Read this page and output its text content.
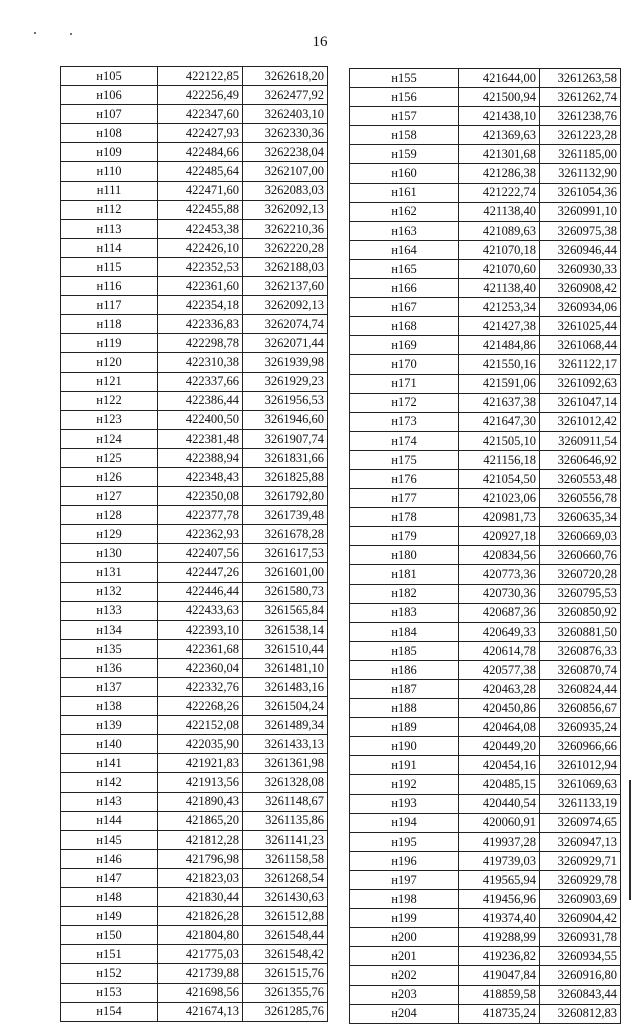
16
н105	422122,85	3262618,20
н106	422256,49	3262477,92
н107	422347,60	3262403,10
н108	422427,93	3262330,36
н109	422484,66	3262238,04
н110	422485,64	3262107,00
н111	422471,60	3262083,03
н112	422455,88	3262092,13
н113	422453,38	3262210,36
н114	422426,10	3262220,28
н115	422352,53	3262188,03
н116	422361,60	3262137,60
н117	422354,18	3262092,13
н118	422336,83	3262074,74
н119	422298,78	3262071,44
н120	422310,38	3261939,98
н121	422337,66	3261929,23
н122	422386,44	3261956,53
н123	422400,50	3261946,60
н124	422381,48	3261907,74
н125	422388,94	3261831,66
н126	422348,43	3261825,88
н127	422350,08	3261792,80
н128	422377,78	3261739,48
н129	422362,93	3261678,28
н130	422407,56	3261617,53
н131	422447,26	3261601,00
н132	422446,44	3261580,73
н133	422433,63	3261565,84
н134	422393,10	3261538,14
н135	422361,68	3261510,44
н136	422360,04	3261481,10
н137	422332,76	3261483,16
н138	422268,26	3261504,24
н139	422152,08	3261489,34
н140	422035,90	3261433,13
н141	421921,83	3261361,98
н142	421913,56	3261328,08
н143	421890,43	3261148,67
н144	421865,20	3261135,86
н145	421812,28	3261141,23
н146	421796,98	3261158,58
н147	421823,03	3261268,54
н148	421830,44	3261430,63
н149	421826,28	3261512,88
н150	421804,80	3261548,44
н151	421775,03	3261548,42
н152	421739,88	3261515,76
н153	421698,56	3261355,76
н154	421674,13	3261285,76
н155	421644,00	3261263,58
н156	421500,94	3261262,74
н157	421438,10	3261238,76
н158	421369,63	3261223,28
н159	421301,68	3261185,00
н160	421286,38	3261132,90
н161	421222,74	3261054,36
н162	421138,40	3260991,10
н163	421089,63	3260975,38
н164	421070,18	3260946,44
н165	421070,60	3260930,33
н166	421138,40	3260908,42
н167	421253,34	3260934,06
н168	421427,38	3261025,44
н169	421484,86	3261068,44
н170	421550,16	3261122,17
н171	421591,06	3261092,63
н172	421637,38	3261047,14
н173	421647,30	3261012,42
н174	421505,10	3260911,54
н175	421156,18	3260646,92
н176	421054,50	3260553,48
н177	421023,06	3260556,78
н178	420981,73	3260635,34
н179	420927,18	3260669,03
н180	420834,56	3260660,76
н181	420773,36	3260720,28
н182	420730,36	3260795,53
н183	420687,36	3260850,92
н184	420649,33	3260881,50
н185	420614,78	3260876,33
н186	420577,38	3260870,74
н187	420463,28	3260824,44
н188	420450,86	3260856,67
н189	420464,08	3260935,24
н190	420449,20	3260966,66
н191	420454,16	3261012,94
н192	420485,15	3261069,63
н193	420440,54	3261133,19
н194	420060,91	3260974,65
н195	419937,28	3260947,13
н196	419739,03	3260929,71
н197	419565,94	3260929,78
н198	419456,96	3260903,69
н199	419374,40	3260904,42
н200	419288,99	3260931,78
н201	419236,82	3260934,55
н202	419047,84	3260916,80
н203	418859,58	3260843,44
н204	418735,24	3260812,83
